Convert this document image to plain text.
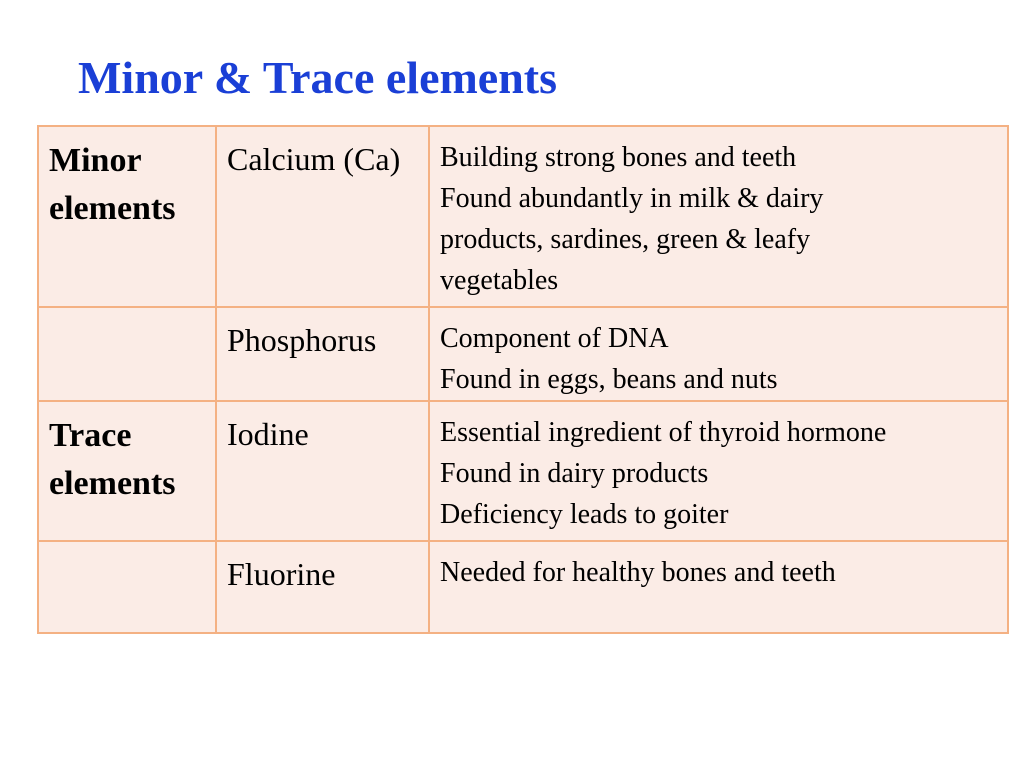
Minor & Trace elements
Minor elements	Calcium (Ca)	Building strong bones and teeth
Found abundantly in milk & dairy
products, sardines, green & leafy
vegetables

	Phosphorus	Component of DNA
Found in eggs, beans and nuts

Trace elements	Iodine	Essential ingredient of thyroid hormone
Found in dairy products
Deficiency leads to goiter

	Fluorine	Needed for healthy bones and teeth
